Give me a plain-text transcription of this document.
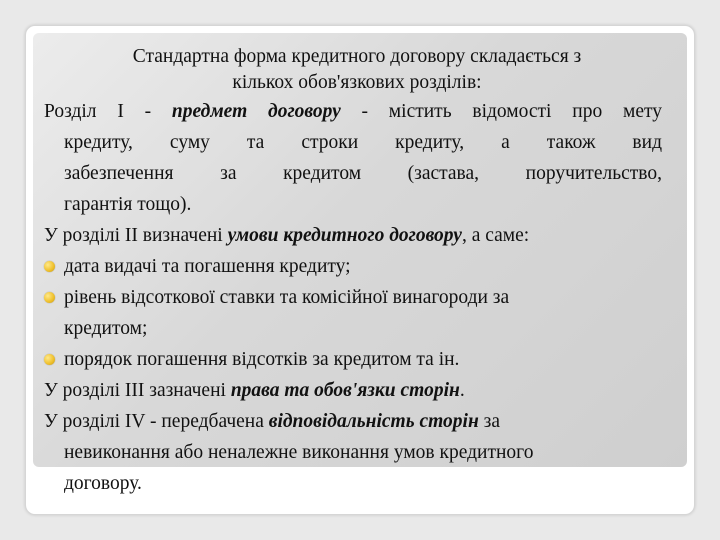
Стандартна форма кредитного договору складається з
кількох обов'язкових розділів:
Розділ I - предмет договору - містить відомості про мету
кредиту, суму та строки кредиту, а також вид
забезпечення за кредитом (застава, поручительство,
гарантія тощо).
У розділі II визначені умови кредитного договору, а саме:
дата видачі та погашення кредиту;
рівень відсоткової ставки та комісійної винагороди за
кредитом;
порядок погашення відсотків за кредитом та ін.
У розділі III зазначені права та обов'язки сторін.
У розділі IV - передбачена відповідальність сторін за
невиконання або неналежне виконання умов кредитного
договору.
